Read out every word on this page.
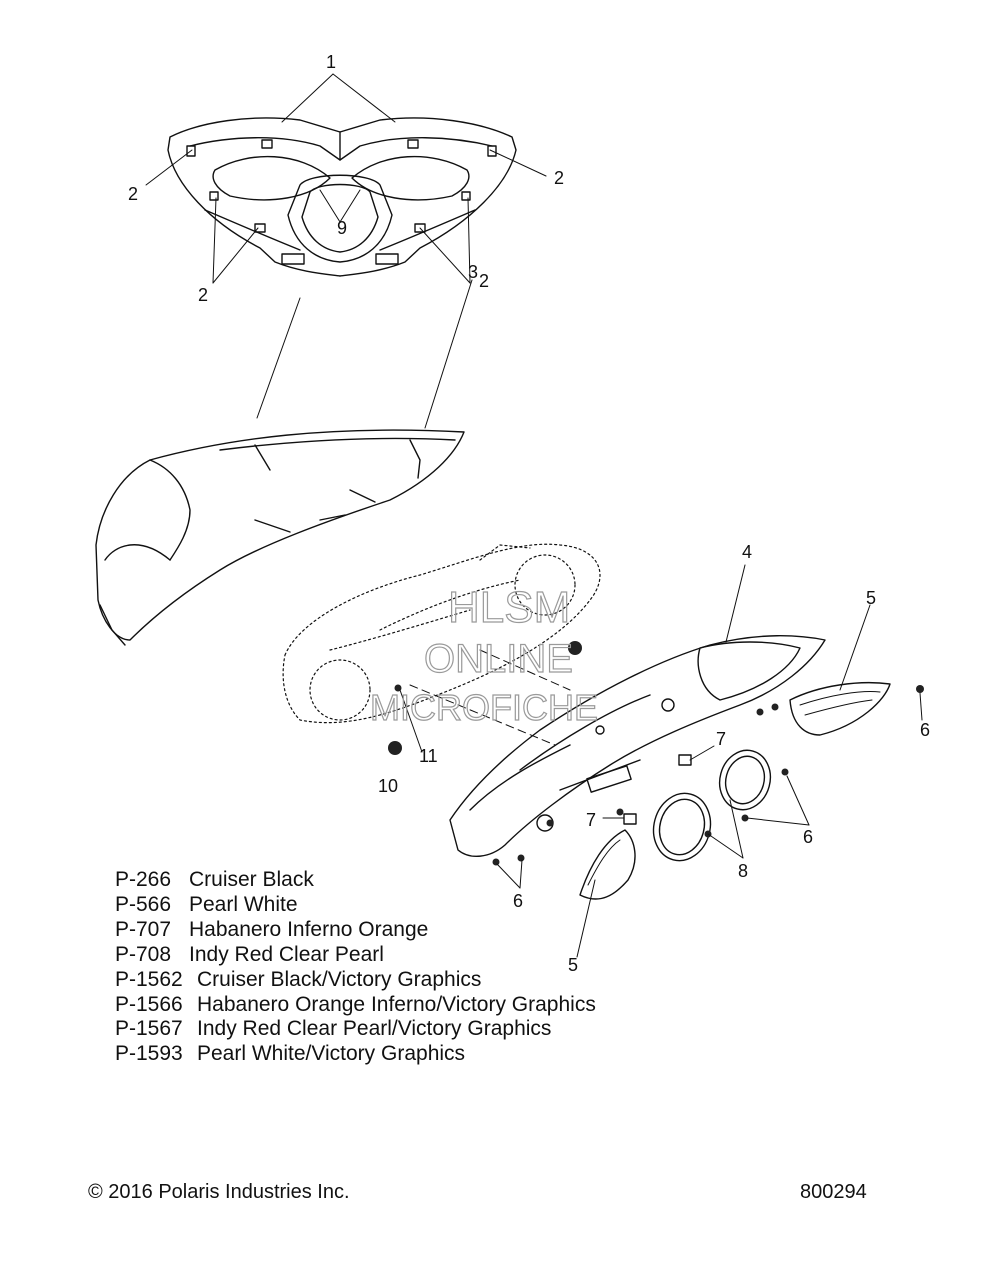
HLSM
ONLINE
MICROFICHE
1
2
2
2
2
9
3
4
5
5
6
6
6
7
7
8
10
11
P-266 Cruiser Black
P-566 Pearl White
P-707 Habanero Inferno Orange
P-708 Indy Red Clear Pearl
P-1562 Cruiser Black/Victory Graphics
P-1566 Habanero Orange Inferno/Victory Graphics
P-1567 Indy Red Clear Pearl/Victory Graphics
P-1593 Pearl White/Victory Graphics
© 2016 Polaris Industries Inc.	800294
